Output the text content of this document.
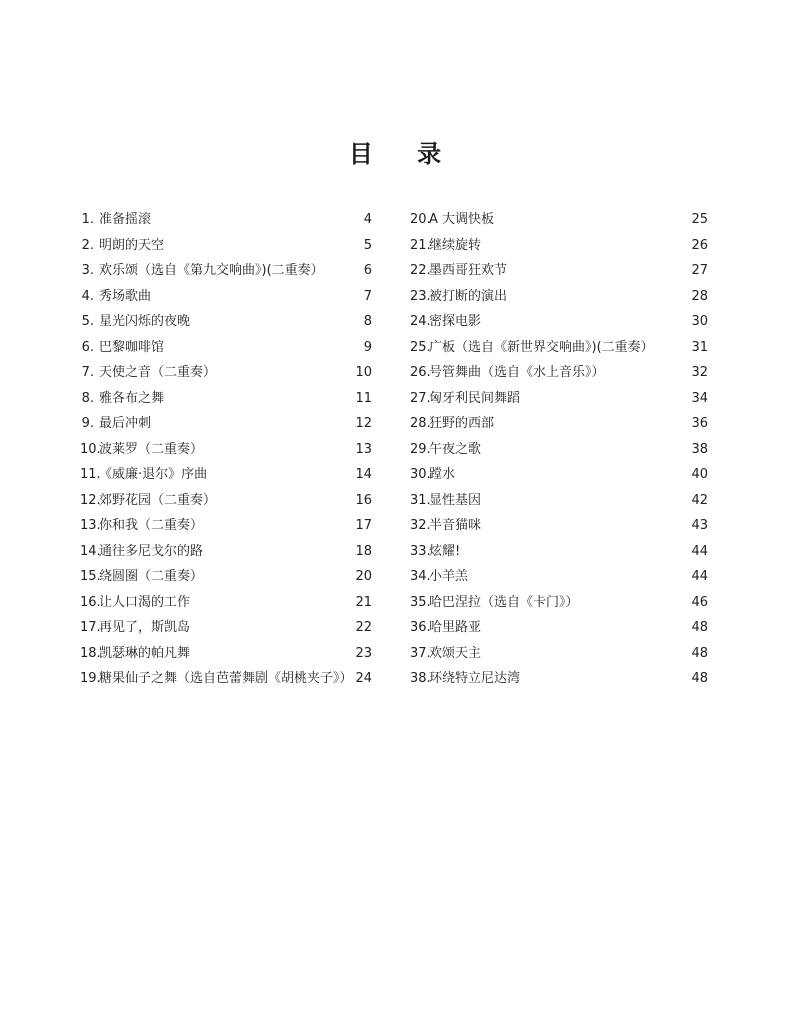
目 录
1. 准备摇滚	4
2. 明朗的天空	5
3. 欢乐颂（选自《第九交响曲》)(二重奏）	6
4. 秀场歌曲	7
5. 星光闪烁的夜晚	8
6. 巴黎咖啡馆	9
7. 天使之音（二重奏）	10
8. 雅各布之舞	11
9. 最后冲刺	12
10.波莱罗（二重奏）	13
11.《威廉·退尔》序曲	14
12.郊野花园（二重奏）	16
13.你和我（二重奏）	17
14.通往多尼戈尔的路	18
15.绕圆圈（二重奏）	20
16.让人口渴的工作	21
17.再见了，斯凯岛	22
18.凯瑟琳的帕凡舞	23
19.糖果仙子之舞（选自芭蕾舞剧《胡桃夹子》） 24
20.A 大调快板	25
21.继续旋转	26
22.墨西哥狂欢节	27
23.被打断的演出	28
24.密探电影	30
25.广板（选自《新世界交响曲》)(二重奏）	31
26.号管舞曲（选自《水上音乐》）	32
27.匈牙利民间舞蹈	34
28.狂野的西部	36
29.午夜之歌	38
30.蹚水	40
31.显性基因	42
32.半音猫咪	43
33.炫耀!	44
34.小羊羔	44
35.哈巴涅拉（选自《卡门》）	46
36.哈里路亚	48
37.欢颂天主	48
38.环绕特立尼达湾	48
